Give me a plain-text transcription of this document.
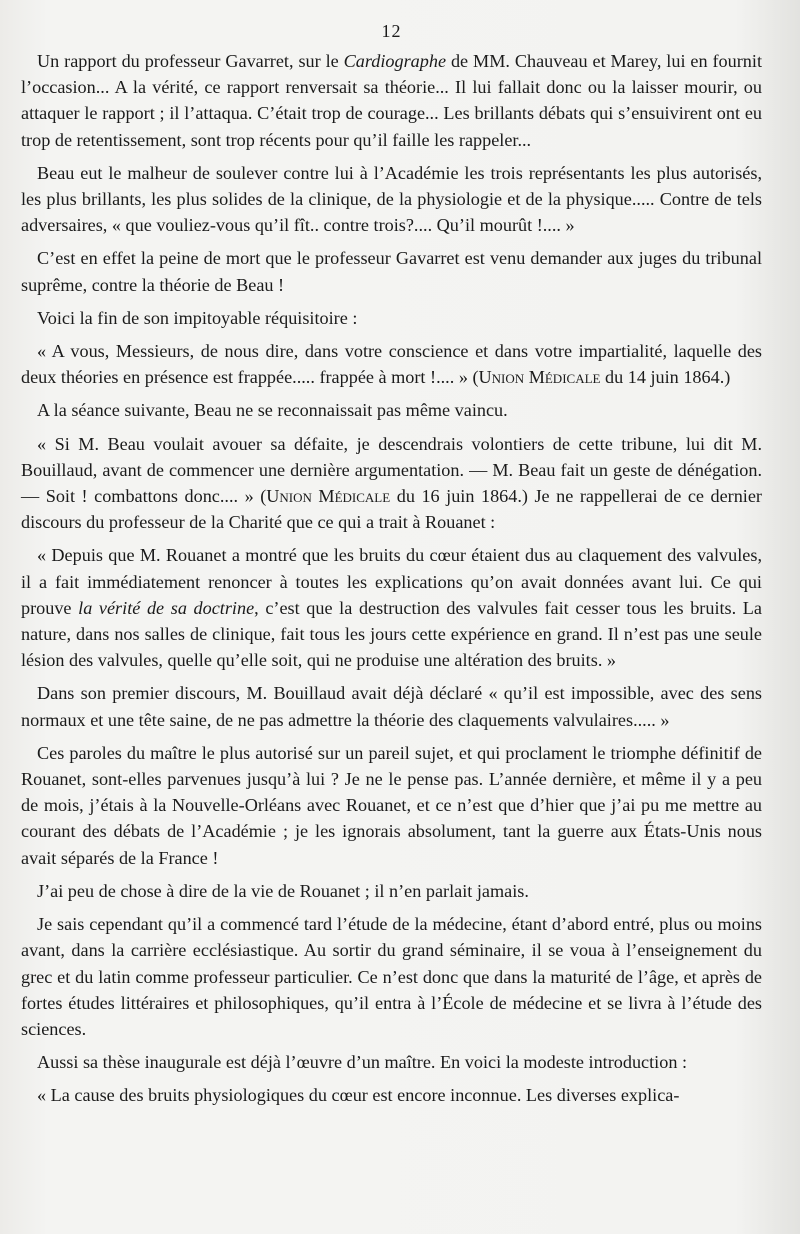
12

Un rapport du professeur Gavarret, sur le Cardiographe de MM. Chauveau et Marey, lui en fournit l’occasion... A la vérité, ce rapport renversait sa théorie... Il lui fallait donc ou la laisser mourir, ou attaquer le rapport ; il l’attaqua. C’était trop de courage... Les brillants débats qui s’ensuivirent ont eu trop de retentissement, sont trop récents pour qu’il faille les rappeler...

Beau eut le malheur de soulever contre lui à l’Académie les trois représentants les plus autorisés, les plus brillants, les plus solides de la clinique, de la physiologie et de la physique..... Contre de tels adversaires, « que vouliez-vous qu’il fît.. contre trois?.... Qu’il mourût !.... »

C’est en effet la peine de mort que le professeur Gavarret est venu demander aux juges du tribunal suprême, contre la théorie de Beau !

Voici la fin de son impitoyable réquisitoire :

« A vous, Messieurs, de nous dire, dans votre conscience et dans votre impartialité, laquelle des deux théories en présence est frappée..... frappée à mort !.... » (Union Médicale du 14 juin 1864.)

A la séance suivante, Beau ne se reconnaissait pas même vaincu.

« Si M. Beau voulait avouer sa défaite, je descendrais volontiers de cette tribune, lui dit M. Bouillaud, avant de commencer une dernière argumentation. — M. Beau fait un geste de dénégation. — Soit ! combattons donc.... » (Union Médicale du 16 juin 1864.) Je ne rappellerai de ce dernier discours du professeur de la Charité que ce qui a trait à Rouanet :

« Depuis que M. Rouanet a montré que les bruits du cœur étaient dus au claquement des valvules, il a fait immédiatement renoncer à toutes les explications qu’on avait données avant lui. Ce qui prouve la vérité de sa doctrine, c’est que la destruction des valvules fait cesser tous les bruits. La nature, dans nos salles de clinique, fait tous les jours cette expérience en grand. Il n’est pas une seule lésion des valvules, quelle qu’elle soit, qui ne produise une altération des bruits. »

Dans son premier discours, M. Bouillaud avait déjà déclaré « qu’il est impossible, avec des sens normaux et une tête saine, de ne pas admettre la théorie des claquements valvulaires..... »

Ces paroles du maître le plus autorisé sur un pareil sujet, et qui proclament le triomphe définitif de Rouanet, sont-elles parvenues jusqu’à lui ? Je ne le pense pas. L’année dernière, et même il y a peu de mois, j’étais à la Nouvelle-Orléans avec Rouanet, et ce n’est que d’hier que j’ai pu me mettre au courant des débats de l’Académie ; je les ignorais absolument, tant la guerre aux États-Unis nous avait séparés de la France !

J’ai peu de chose à dire de la vie de Rouanet ; il n’en parlait jamais.

Je sais cependant qu’il a commencé tard l’étude de la médecine, étant d’abord entré, plus ou moins avant, dans la carrière ecclésiastique. Au sortir du grand séminaire, il se voua à l’enseignement du grec et du latin comme professeur particulier. Ce n’est donc que dans la maturité de l’âge, et après de fortes études littéraires et philosophiques, qu’il entra à l’École de médecine et se livra à l’étude des sciences.

Aussi sa thèse inaugurale est déjà l’œuvre d’un maître. En voici la modeste introduction :

« La cause des bruits physiologiques du cœur est encore inconnue. Les diverses explica-
